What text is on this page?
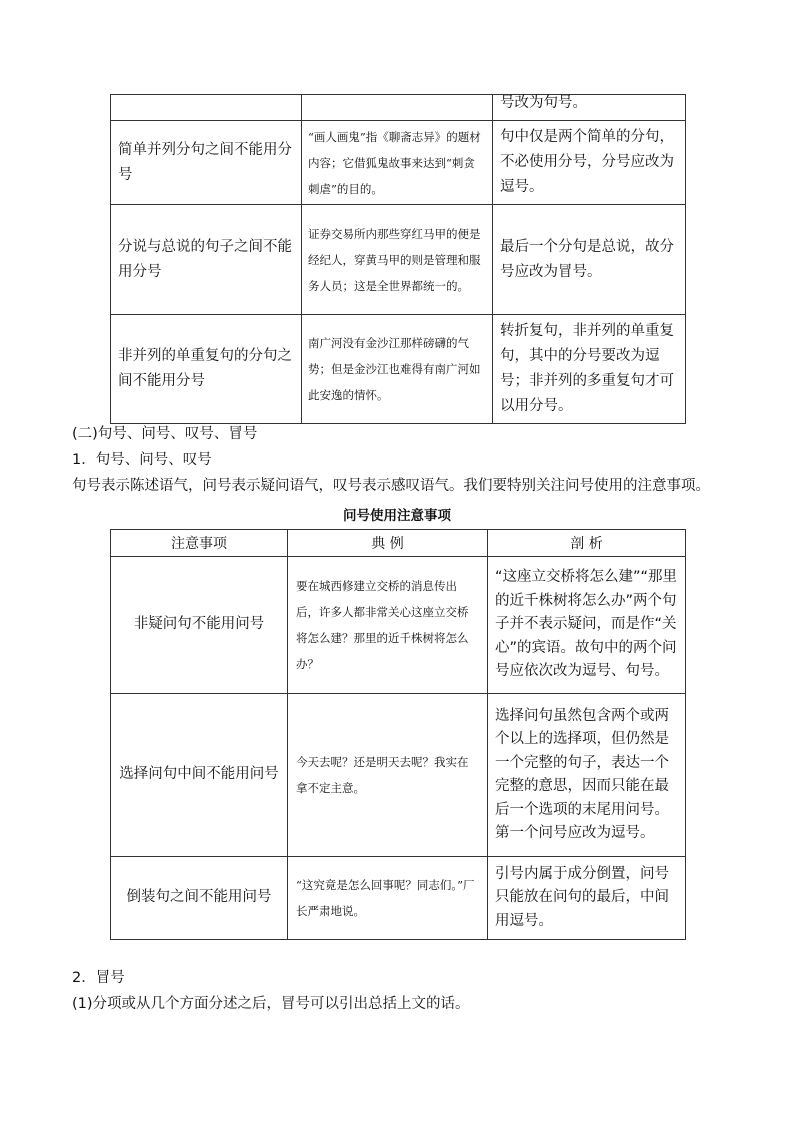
		号改为句号。
简单并列分句之间不能用分号	“画人画鬼”指《聊斋志异》的题材内容；它借狐鬼故事来达到“刺贪刺虐”的目的。	句中仅是两个简单的分句，不必使用分号，分号应改为逗号。
分说与总说的句子之间不能用分号	证券交易所内那些穿红马甲的便是经纪人，穿黄马甲的则是管理和服务人员；这是全世界都统一的。	最后一个分句是总说，故分号应改为冒号。
非并列的单重复句的分句之间不能用分号	南广河没有金沙江那样磅礴的气势；但是金沙江也难得有南广河如此安逸的情怀。	转折复句，非并列的单重复句，其中的分号要改为逗号；非并列的多重复句才可以用分号。
(二)句号、问号、叹号、冒号
1．句号、问号、叹号
句号表示陈述语气，问号表示疑问语气，叹号表示感叹语气。我们要特别关注问号使用的注意事项。
问号使用注意事项
注意事项	典 例	剖 析
非疑问句不能用问号	要在城西修建立交桥的消息传出后，许多人都非常关心这座立交桥将怎么建？那里的近千株树将怎么办？	“这座立交桥将怎么建”“那里的近千株树将怎么办”两个句子并不表示疑问，而是作“关心”的宾语。故句中的两个问号应依次改为逗号、句号。
选择问句中间不能用问号	今天去呢？还是明天去呢？我实在拿不定主意。	选择问句虽然包含两个或两个以上的选择项，但仍然是一个完整的句子，表达一个完整的意思，因而只能在最后一个选项的末尾用问号。第一个问号应改为逗号。
倒装句之间不能用问号	“这究竟是怎么回事呢？同志们。”厂长严肃地说。	引号内属于成分倒置，问号只能放在问句的最后，中间用逗号。
2．冒号
(1)分项或从几个方面分述之后，冒号可以引出总括上文的话。
